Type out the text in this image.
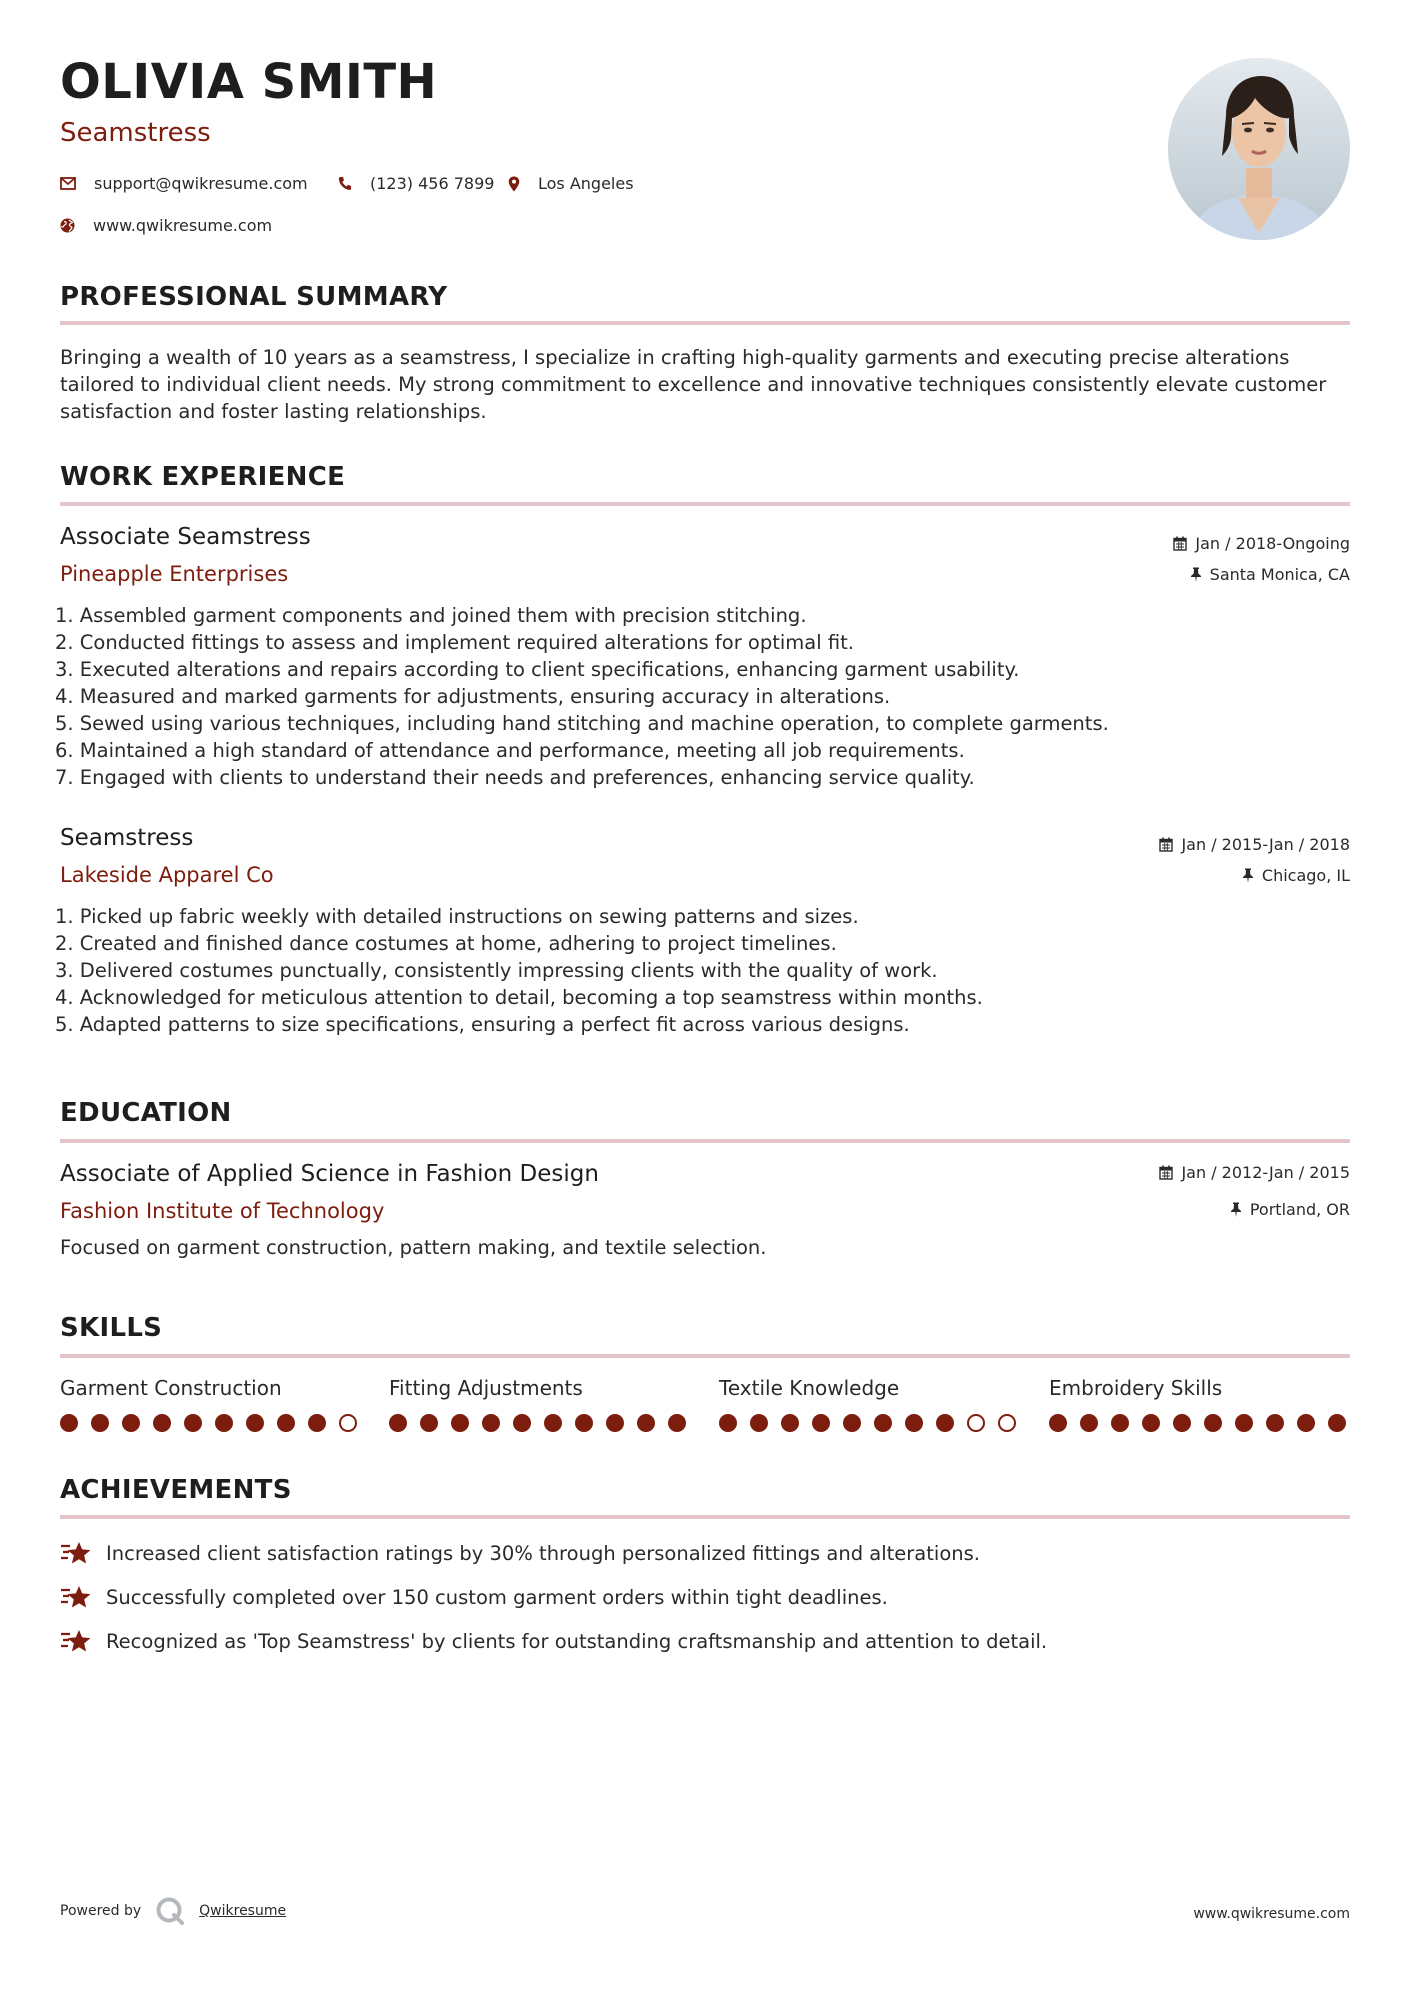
OLIVIA SMITH
Seamstress
support@qwikresume.com	(123) 456 7899	Los Angeles
www.qwikresume.com
PROFESSIONAL SUMMARY

Bringing a wealth of 10 years as a seamstress, I specialize in crafting high-quality garments and executing precise alterations tailored to individual client needs. My strong commitment to excellence and innovative techniques consistently elevate customer satisfaction and foster lasting relationships.

WORK EXPERIENCE
Associate Seamstress
Pineapple Enterprises
Jan / 2018-Ongoing
Santa Monica, CA
1. Assembled garment components and joined them with precision stitching.
2. Conducted fittings to assess and implement required alterations for optimal fit.
3. Executed alterations and repairs according to client specifications, enhancing garment usability.
4. Measured and marked garments for adjustments, ensuring accuracy in alterations.
5. Sewed using various techniques, including hand stitching and machine operation, to complete garments.
6. Maintained a high standard of attendance and performance, meeting all job requirements.
7. Engaged with clients to understand their needs and preferences, enhancing service quality.
Seamstress
Lakeside Apparel Co
Jan / 2015-Jan / 2018
Chicago, IL
1. Picked up fabric weekly with detailed instructions on sewing patterns and sizes.
2. Created and finished dance costumes at home, adhering to project timelines.
3. Delivered costumes punctually, consistently impressing clients with the quality of work.
4. Acknowledged for meticulous attention to detail, becoming a top seamstress within months.
5. Adapted patterns to size specifications, ensuring a perfect fit across various designs.
EDUCATION
Associate of Applied Science in Fashion Design
Fashion Institute of Technology
Jan / 2012-Jan / 2015
Portland, OR
Focused on garment construction, pattern making, and textile selection.
SKILLS
Garment Construction	Fitting Adjustments	Textile Knowledge	Embroidery Skills
ACHIEVEMENTS
Increased client satisfaction ratings by 30% through personalized fittings and alterations.
Successfully completed over 150 custom garment orders within tight deadlines.
Recognized as 'Top Seamstress' by clients for outstanding craftsmanship and attention to detail.
Powered by	Qwikresume	www.qwikresume.com
